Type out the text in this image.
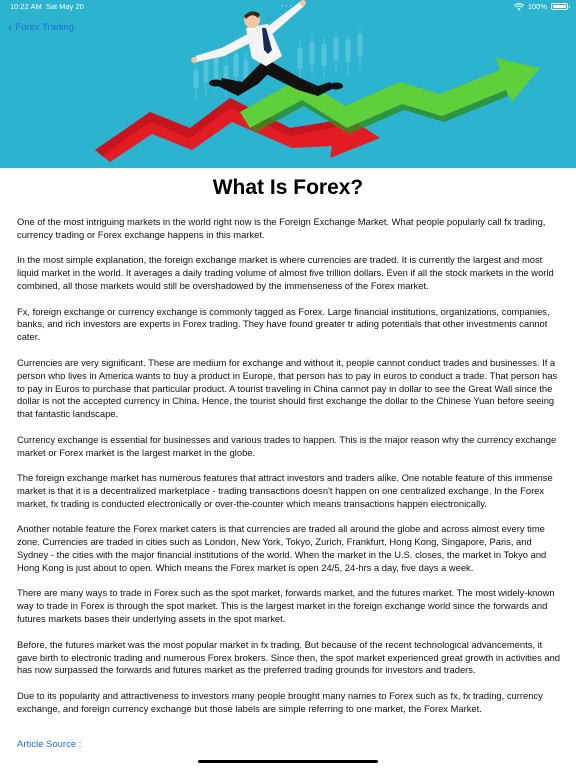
10:22 AM Sat May 20	···	100%
‹ Forex Trading
What Is Forex?

One of the most intriguing markets in the world right now is the Foreign Exchange Market. What people popularly call fx trading, currency trading or Forex exchange happens in this market.

In the most simple explanation, the foreign exchange market is where currencies are traded. It is currently the largest and most liquid market in the world. It averages a daily trading volume of almost five trillion dollars. Even if all the stock markets in the world combined, all those markets would still be overshadowed by the immenseness of the Forex market.

Fx, foreign exchange or currency exchange is commonly tagged as Forex. Large financial institutions, organizations, companies, banks, and rich investors are experts in Forex trading. They have found greater tr ading potentials that other investments cannot cater.

Currencies are very significant. These are medium for exchange and without it, people cannot conduct trades and businesses. If a person who lives in America wants to buy a product in Europe, that person has to pay in euros to conduct a trade. That person has to pay in Euros to purchase that particular product. A tourist traveling in China cannot pay in dollar to see the Great Wall since the dollar is not the accepted currency in China. Hence, the tourist should first exchange the dollar to the Chinese Yuan before seeing that fantastic landscape.

Currency exchange is essential for businesses and various trades to happen. This is the major reason why the currency exchange market or Forex market is the largest market in the globe.

The foreign exchange market has numerous features that attract investors and traders alike. One notable feature of this immense market is that it is a decentralized marketplace - trading transactions doesn't happen on one centralized exchange. In the Forex market, fx trading is conducted electronically or over-the-counter which means transactions happen electronically.

Another notable feature the Forex market caters is that currencies are traded all around the globe and across almost every time zone. Currencies are traded in cities such as London, New York, Tokyo, Zurich, Frankfurt, Hong Kong, Singapore, Paris, and Sydney - the cities with the major financial institutions of the world. When the market in the U.S. closes, the market in Tokyo and Hong Kong is just about to open. Which means the Forex market is open 24/5, 24-hrs a day, five days a week.

There are many ways to trade in Forex such as the spot market, forwards market, and the futures market. The most widely-known way to trade in Forex is through the spot market. This is the largest market in the foreign exchange world since the forwards and futures markets bases their underlying assets in the spot market.

Before, the futures market was the most popular market in fx trading. But because of the recent technological advancements, it gave birth to electronic trading and numerous Forex brokers. Since then, the spot market experienced great growth in activities and has now surpassed the forwards and futures market as the preferred trading grounds for investors and traders.

Due to its popularity and attractiveness to investors many people brought many names to Forex such as fx, fx trading, currency exchange, and foreign currency exchange but those labels are simple referring to one market, the Forex Market.

Article Source :
